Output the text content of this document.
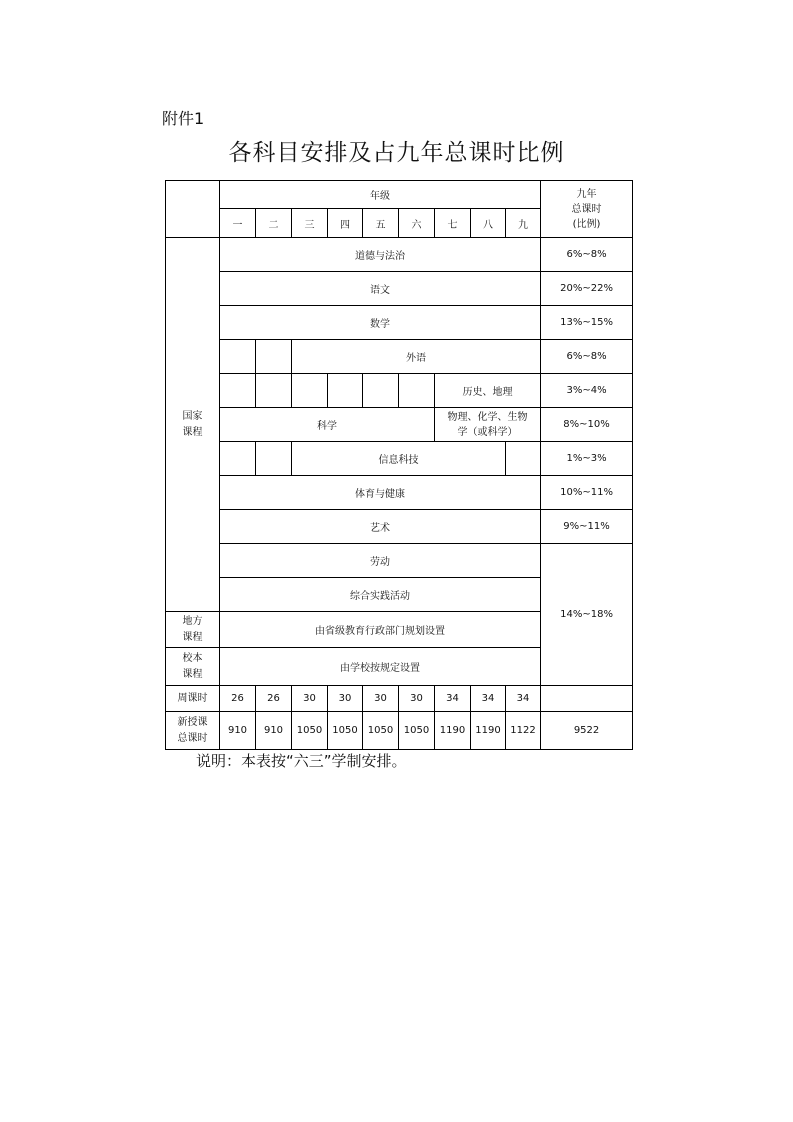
附件1
各科目安排及占九年总课时比例
	年级									九年
总课时
(比例)

	一	二	三	四	五	六	七	八	九	

国家
课程	道德与法治									6%~8%
	语文									20%~22%
	数学									13%~15%
			外语							6%~8%
							历史、地理			3%~4%
	科学						物理、化学、生物
学（或科学）			8%~10%
			信息科技							1%~3%
	体育与健康									10%~11%
	艺术									9%~11%
	劳动									14%~18%
	综合实践活动									

地方
课程	由省级教育行政部门规划设置									

校本
课程	由学校按规定设置									
周课时	26	26	30	30	30	30	34	34	34	

新授课
总课时	910	910	1050	1050	1050	1050	1190	1190	1122	9522
说明：本表按“六三”学制安排。
